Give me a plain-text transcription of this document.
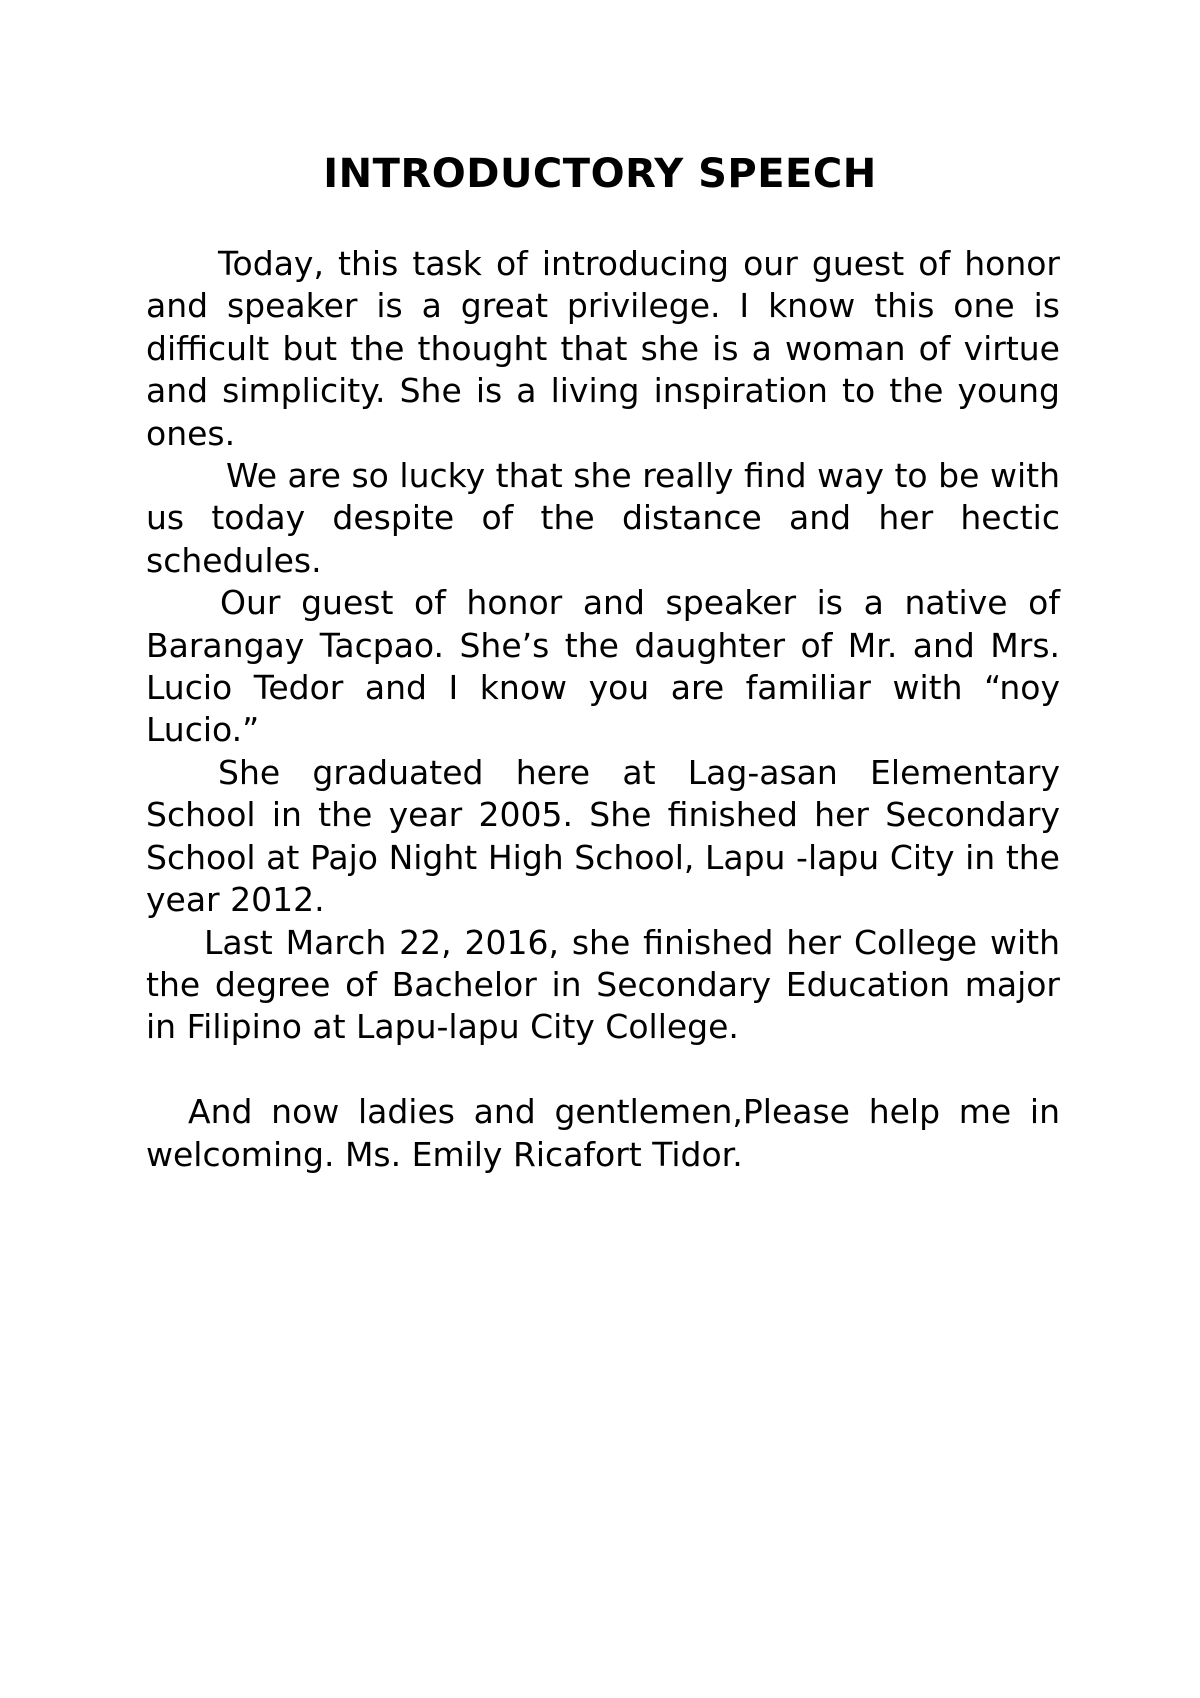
INTRODUCTORY SPEECH

Today, this task of introducing our guest of honor and speaker is a great privilege. I know this one is difficult but the thought that she is a woman of virtue and simplicity. She is a living inspiration to the young ones.

We are so lucky that she really find way to be with us today despite of the distance and her hectic schedules.

Our guest of honor and speaker is a native of Barangay Tacpao. She’s the daughter of Mr. and Mrs. Lucio Tedor and I know you are familiar with “noy Lucio.”

She graduated here at Lag-asan Elementary School in the year 2005. She finished her Secondary School at Pajo Night High School, Lapu -lapu City in the year 2012.

Last March 22, 2016, she finished her College with the degree of Bachelor in Secondary Education major in Filipino at Lapu-lapu City College.

And now ladies and gentlemen,Please help me in welcoming. Ms. Emily Ricafort Tidor.
